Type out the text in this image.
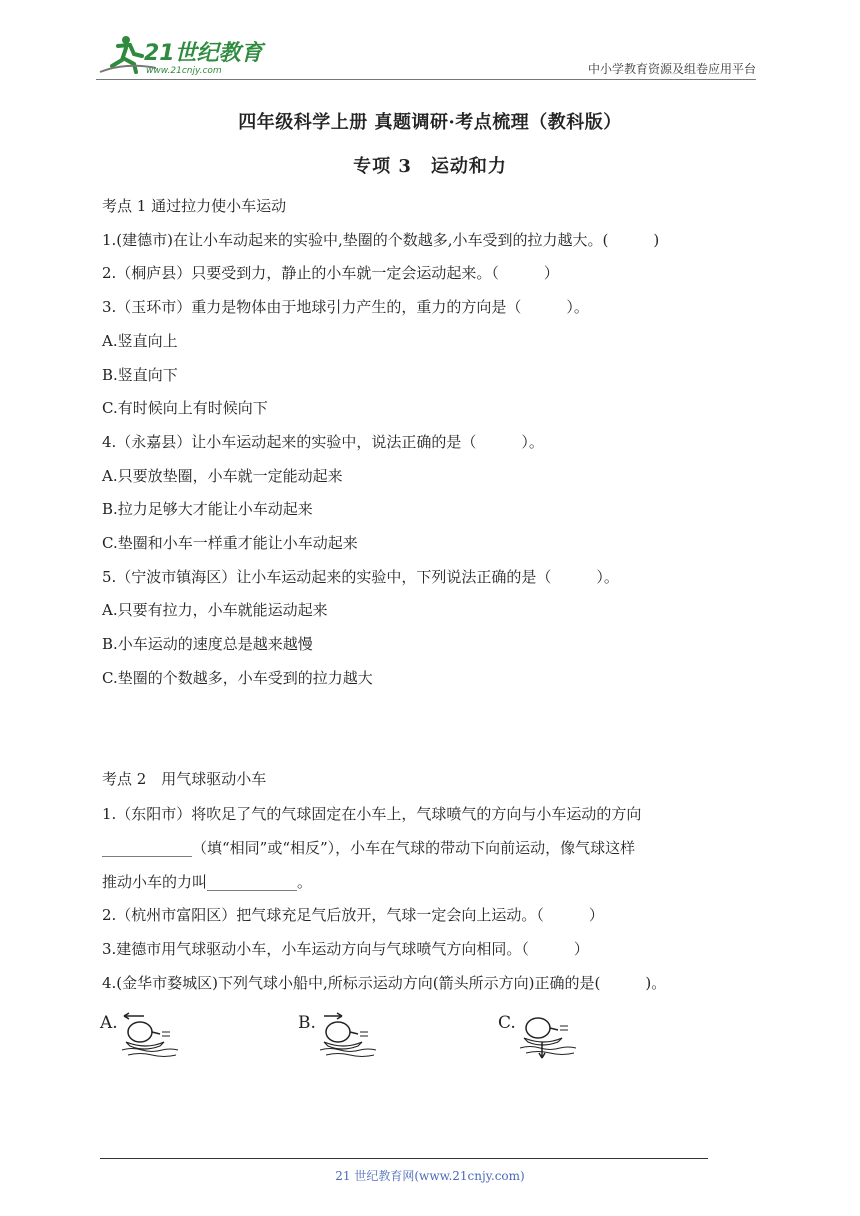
21世纪教育
www.21cnjy.com	中小学教育资源及组卷应用平台
四年级科学上册 真题调研·考点梳理（教科版）
专项 3　运动和力
考点 1 通过拉力使小车运动
1.(建德市)在让小车动起来的实验中,垫圈的个数越多,小车受到的拉力越大。(　　　)
2.（桐庐县）只要受到力，静止的小车就一定会运动起来。（　　　）
3.（玉环市）重力是物体由于地球引力产生的，重力的方向是（　　　）。
A.竖直向上
B.竖直向下
C.有时候向上有时候向下
4.（永嘉县）让小车运动起来的实验中，说法正确的是（　　　）。
A.只要放垫圈，小车就一定能动起来
B.拉力足够大才能让小车动起来
C.垫圈和小车一样重才能让小车动起来
5.（宁波市镇海区）让小车运动起来的实验中，下列说法正确的是（　　　）。
A.只要有拉力，小车就能运动起来
B.小车运动的速度总是越来越慢
C.垫圈的个数越多，小车受到的拉力越大
考点 2　用气球驱动小车
1.（东阳市）将吹足了气的气球固定在小车上，气球喷气的方向与小车运动的方向
____________（填“相同”或“相反”），小车在气球的带动下向前运动，像气球这样
推动小车的力叫____________。
2.（杭州市富阳区）把气球充足气后放开，气球一定会向上运动。（　　　）
3.建德市用气球驱动小车，小车运动方向与气球喷气方向相同。（　　　）
4.(金华市婺城区)下列气球小船中,所标示运动方向(箭头所示方向)正确的是(　　　)。
A.	B.	C.
21 世纪教育网(www.21cnjy.com)
